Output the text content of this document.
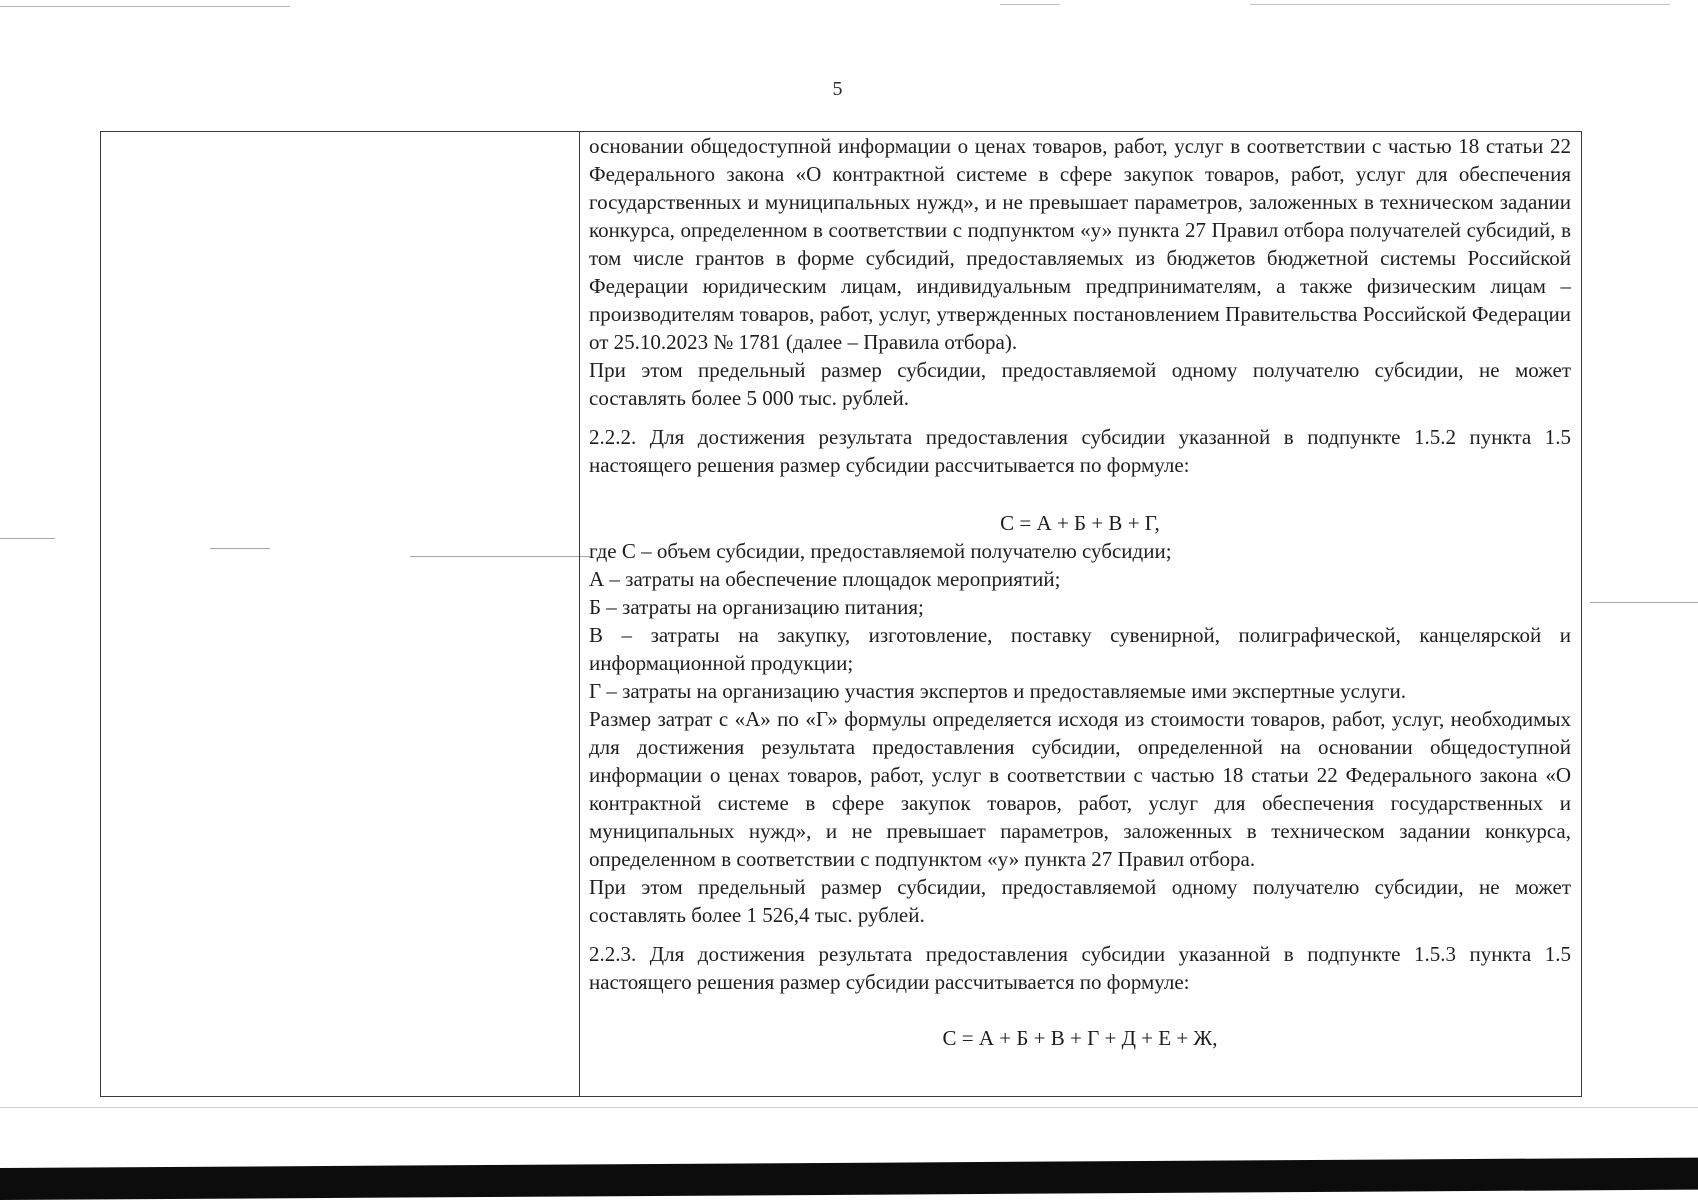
5

основании общедоступной информации о ценах товаров, работ, услуг в соответствии с частью 18 статьи 22 Федерального закона «О контрактной системе в сфере закупок товаров, работ, услуг для обеспечения государственных и муниципальных нужд», и не превышает параметров, заложенных в техническом задании конкурса, определенном в соответствии с подпунктом «у» пункта 27 Правил отбора получателей субсидий, в том числе грантов в форме субсидий, предоставляемых из бюджетов бюджетной системы Российской Федерации юридическим лицам, индивидуальным предпринимателям, а также физическим лицам – производителям товаров, работ, услуг, утвержденных постановлением Правительства Российской Федерации от 25.10.2023 № 1781 (далее – Правила отбора).

При этом предельный размер субсидии, предоставляемой одному получателю субсидии, не может составлять более 5 000 тыс. рублей.

2.2.2. Для достижения результата предоставления субсидии указанной в подпункте 1.5.2 пункта 1.5 настоящего решения размер субсидии рассчитывается по формуле:

С = А + Б + В + Г,

где С – объем субсидии, предоставляемой получателю субсидии;

А – затраты на обеспечение площадок мероприятий;

Б – затраты на организацию питания;

В – затраты на закупку, изготовление, поставку сувенирной, полиграфической, канцелярской и информационной продукции;

Г – затраты на организацию участия экспертов и предоставляемые ими экспертные услуги.

Размер затрат с «А» по «Г» формулы определяется исходя из стоимости товаров, работ, услуг, необходимых для достижения результата предоставления субсидии, определенной на основании общедоступной информации о ценах товаров, работ, услуг в соответствии с частью 18 статьи 22 Федерального закона «О контрактной системе в сфере закупок товаров, работ, услуг для обеспечения государственных и муниципальных нужд», и не превышает параметров, заложенных в техническом задании конкурса, определенном в соответствии с подпунктом «у» пункта 27 Правил отбора.

При этом предельный размер субсидии, предоставляемой одному получателю субсидии, не может составлять более 1 526,4 тыс. рублей.

2.2.3. Для достижения результата предоставления субсидии указанной в подпункте 1.5.3 пункта 1.5 настоящего решения размер субсидии рассчитывается по формуле:

С = А + Б + В + Г + Д + Е + Ж,
